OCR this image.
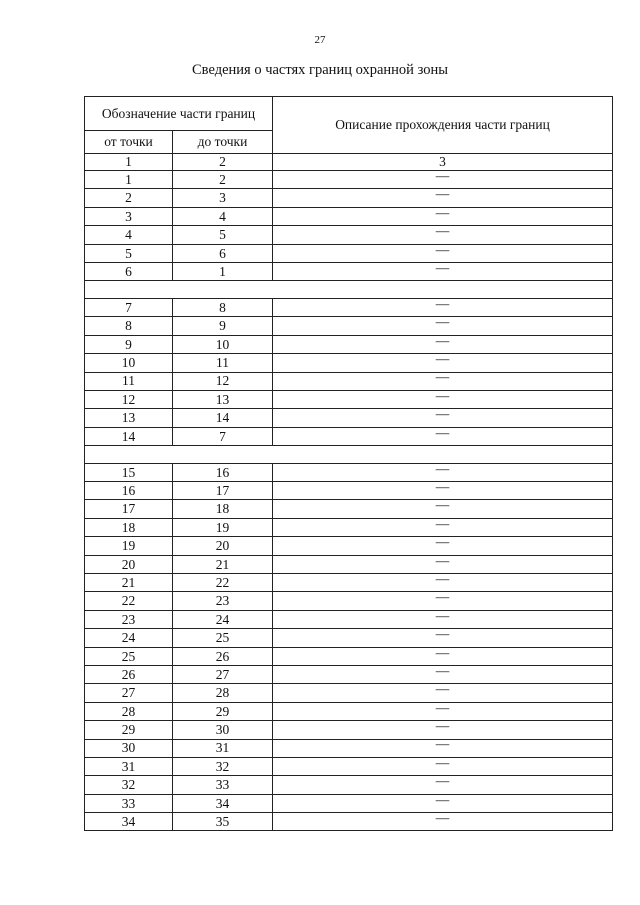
27
Сведения о частях границ охранной зоны
Обозначение части границ		Описание прохождения части границ
от точки	до точки	
1	2	3
1	2	—
2	3	—
3	4	—
4	5	—
5	6	—
6	1	—

7	8	—
8	9	—
9	10	—
10	11	—
11	12	—
12	13	—
13	14	—
14	7	—

15	16	—
16	17	—
17	18	—
18	19	—
19	20	—
20	21	—
21	22	—
22	23	—
23	24	—
24	25	—
25	26	—
26	27	—
27	28	—
28	29	—
29	30	—
30	31	—
31	32	—
32	33	—
33	34	—
34	35	—
